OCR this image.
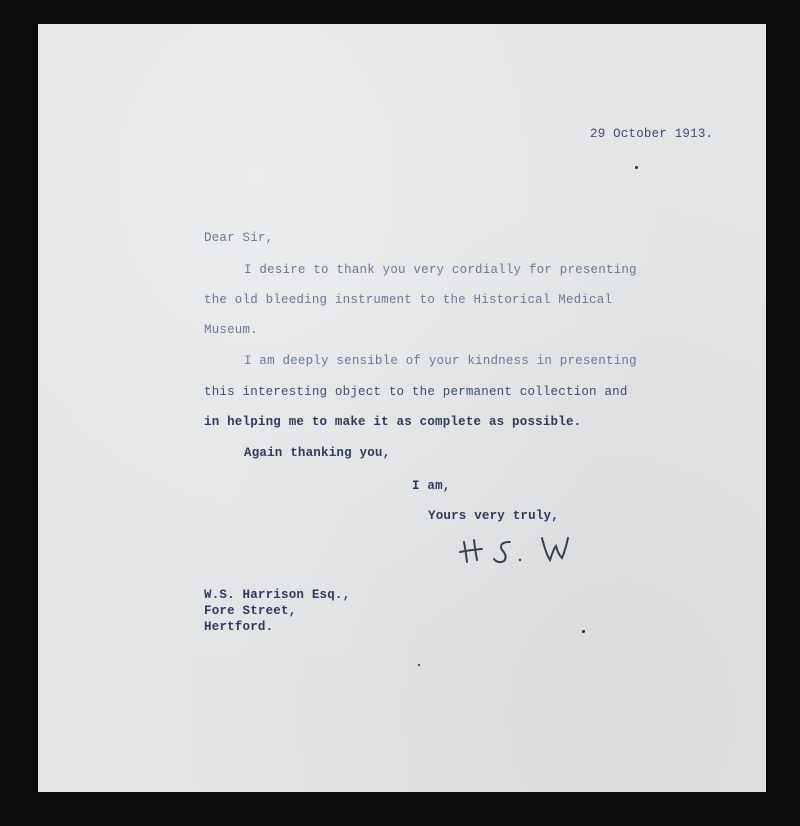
29 October 1913.
Dear Sir,
I desire to thank you very cordially for presenting
the old bleeding instrument to the Historical Medical
Museum.
I am deeply sensible of your kindness in presenting
this interesting object to the permanent collection and
in helping me to make it as complete as possible.
Again thanking you,
I am,
Yours very truly,
W.S. Harrison Esq.,
Fore Street,
Hertford.
